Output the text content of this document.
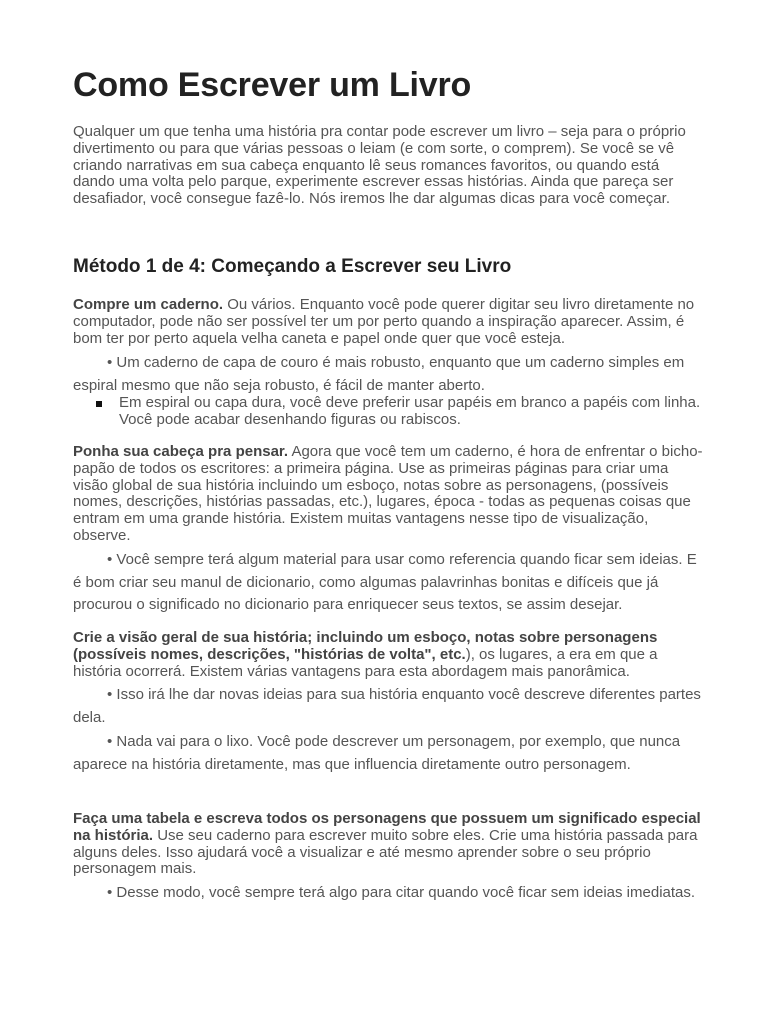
Como Escrever um Livro

Qualquer um que tenha uma história pra contar pode escrever um livro – seja para o próprio divertimento ou para que várias pessoas o leiam (e com sorte, o comprem). Se você se vê criando narrativas em sua cabeça enquanto lê seus romances favoritos, ou quando está dando uma volta pelo parque, experimente escrever essas histórias. Ainda que pareça ser desafiador, você consegue fazê-lo. Nós iremos lhe dar algumas dicas para você começar.

Método 1 de 4: Começando a Escrever seu Livro

Compre um caderno. Ou vários. Enquanto você pode querer digitar seu livro diretamente no computador, pode não ser possível ter um por perto quando a inspiração aparecer. Assim, é bom ter por perto aquela velha caneta e papel onde quer que você esteja.

• Um caderno de capa de couro é mais robusto, enquanto que um caderno simples em espiral mesmo que não seja robusto, é fácil de manter aberto.

Em espiral ou capa dura, você deve preferir usar papéis em branco a papéis com linha. Você pode acabar desenhando figuras ou rabiscos.

Ponha sua cabeça pra pensar. Agora que você tem um caderno, é hora de enfrentar o bicho-papão de todos os escritores: a primeira página. Use as primeiras páginas para criar uma visão global de sua história incluindo um esboço, notas sobre as personagens, (possíveis nomes, descrições, histórias passadas, etc.), lugares, época - todas as pequenas coisas que entram em uma grande história. Existem muitas vantagens nesse tipo de visualização, observe.

• Você sempre terá algum material para usar como referencia quando ficar sem ideias. E é bom criar seu manul de dicionario, como algumas palavrinhas bonitas e difíceis que já procurou o significado no dicionario para enriquecer seus textos, se assim desejar.

Crie a visão geral de sua história; incluindo um esboço, notas sobre personagens (possíveis nomes, descrições, "histórias de volta", etc.), os lugares, a era em que a história ocorrerá. Existem várias vantagens para esta abordagem mais panorâmica.

• Isso irá lhe dar novas ideias para sua história enquanto você descreve diferentes partes dela.

• Nada vai para o lixo. Você pode descrever um personagem, por exemplo, que nunca aparece na história diretamente, mas que influencia diretamente outro personagem.

Faça uma tabela e escreva todos os personagens que possuem um significado especial na história. Use seu caderno para escrever muito sobre eles. Crie uma história passada para alguns deles. Isso ajudará você a visualizar e até mesmo aprender sobre o seu próprio personagem mais.

• Desse modo, você sempre terá algo para citar quando você ficar sem ideias imediatas.
